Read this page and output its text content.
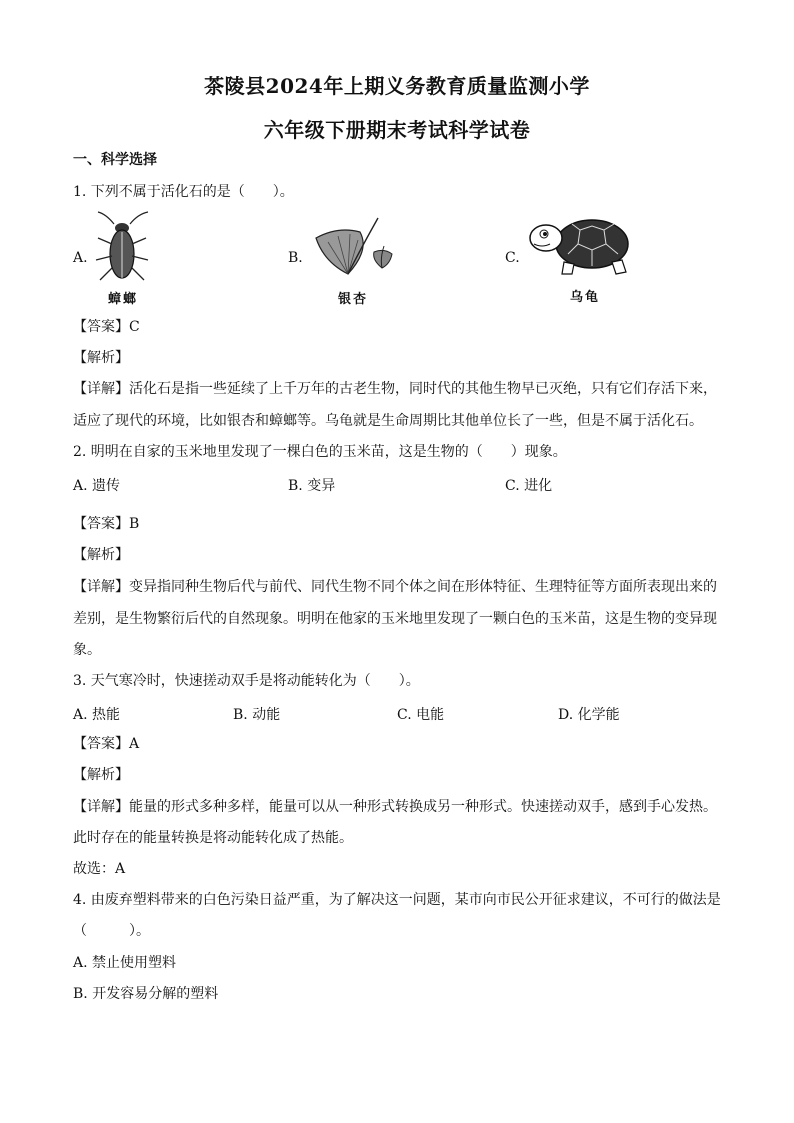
茶陵县2024年上期义务教育质量监测小学
六年级下册期末考试科学试卷
一、科学选择
1. 下列不属于活化石的是（　　）。
A.
蟑螂
B.
银杏
C.
乌龟
【答案】C
【解析】
【详解】活化石是指一些延续了上千万年的古老生物，同时代的其他生物早已灭绝，只有它们存活下来，
适应了现代的环境，比如银杏和蟑螂等。乌龟就是生命周期比其他单位长了一些，但是不属于活化石。
2. 明明在自家的玉米地里发现了一棵白色的玉米苗，这是生物的（　　）现象。
A. 遗传	B. 变异	C. 进化
【答案】B
【解析】
【详解】变异指同种生物后代与前代、同代生物不同个体之间在形体特征、生理特征等方面所表现出来的
差别，是生物繁衍后代的自然现象。明明在他家的玉米地里发现了一颗白色的玉米苗，这是生物的变异现
象。
3. 天气寒冷时，快速搓动双手是将动能转化为（　　）。
A. 热能	B. 动能	C. 电能	D. 化学能
【答案】A
【解析】
【详解】能量的形式多种多样，能量可以从一种形式转换成另一种形式。快速搓动双手，感到手心发热。
此时存在的能量转换是将动能转化成了热能。
故选：A
4. 由废弃塑料带来的白色污染日益严重，为了解决这一问题，某市向市民公开征求建议，不可行的做法是
（　　　）。
A. 禁止使用塑料
B. 开发容易分解的塑料
